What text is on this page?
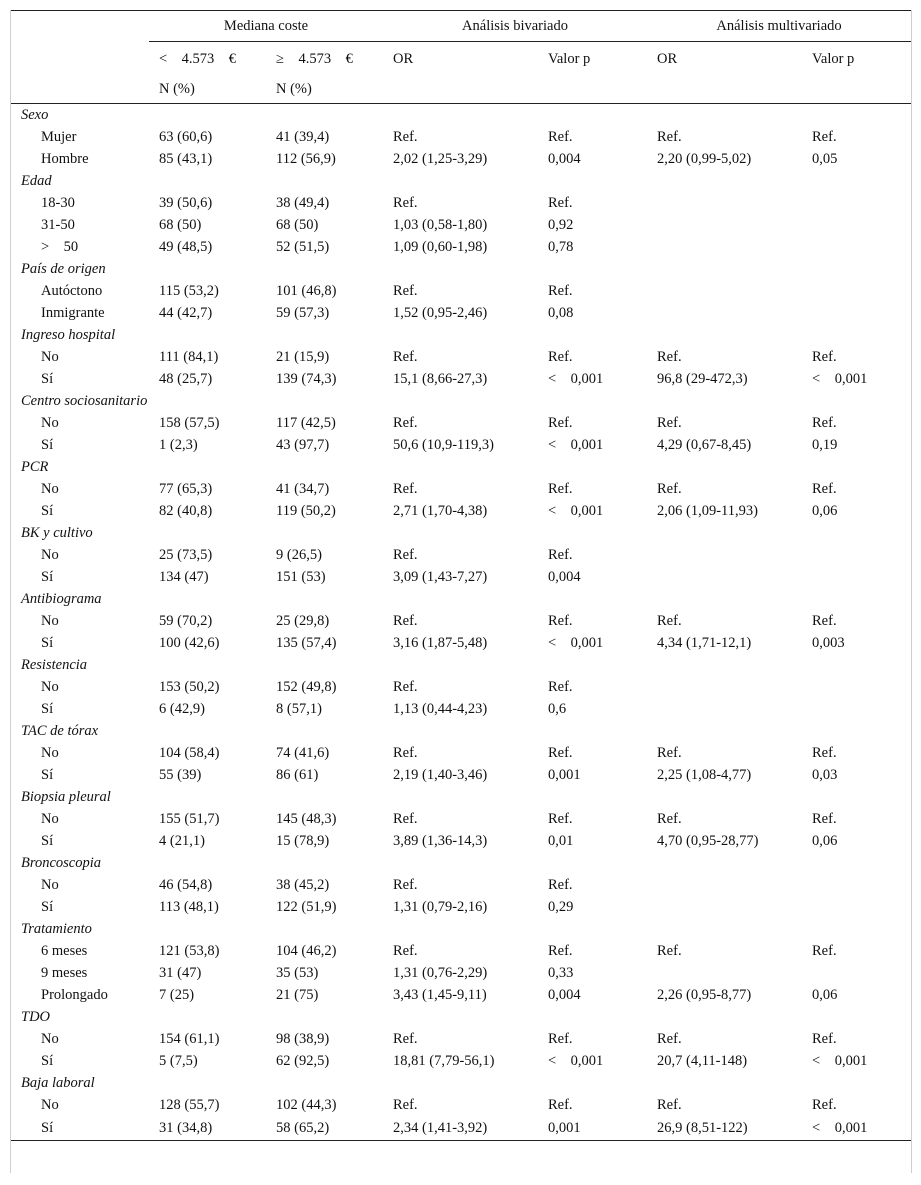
	Mediana coste		Análisis bivariado		Análisis multivariado	
	<    4.573    €	≥    4.573    €	OR	Valor p	OR	Valor p
	N (%)	N (%)				
Sexo						
Mujer	63 (60,6)	41 (39,4)	Ref.	Ref.	Ref.	Ref.
Hombre	85 (43,1)	112 (56,9)	2,02 (1,25-3,29)	0,004	2,20 (0,99-5,02)	0,05
Edad						
18-30	39 (50,6)	38 (49,4)	Ref.	Ref.		
31-50	68 (50)	68 (50)	1,03 (0,58-1,80)	0,92		
>    50	49 (48,5)	52 (51,5)	1,09 (0,60-1,98)	0,78		
País de origen						
Autóctono	115 (53,2)	101 (46,8)	Ref.	Ref.		
Inmigrante	44 (42,7)	59 (57,3)	1,52 (0,95-2,46)	0,08		
Ingreso hospital						
No	111 (84,1)	21 (15,9)	Ref.	Ref.	Ref.	Ref.
Sí	48 (25,7)	139 (74,3)	15,1 (8,66-27,3)	<    0,001	96,8 (29-472,3)	<    0,001
Centro sociosanitario						
No	158 (57,5)	117 (42,5)	Ref.	Ref.	Ref.	Ref.
Sí	1 (2,3)	43 (97,7)	50,6 (10,9-119,3)	<    0,001	4,29 (0,67-8,45)	0,19
PCR						
No	77 (65,3)	41 (34,7)	Ref.	Ref.	Ref.	Ref.
Sí	82 (40,8)	119 (50,2)	2,71 (1,70-4,38)	<    0,001	2,06 (1,09-11,93)	0,06
BK y cultivo						
No	25 (73,5)	9 (26,5)	Ref.	Ref.		
Sí	134 (47)	151 (53)	3,09 (1,43-7,27)	0,004		
Antibiograma						
No	59 (70,2)	25 (29,8)	Ref.	Ref.	Ref.	Ref.
Sí	100 (42,6)	135 (57,4)	3,16 (1,87-5,48)	<    0,001	4,34 (1,71-12,1)	0,003
Resistencia						
No	153 (50,2)	152 (49,8)	Ref.	Ref.		
Sí	6 (42,9)	8 (57,1)	1,13 (0,44-4,23)	0,6		
TAC de tórax						
No	104 (58,4)	74 (41,6)	Ref.	Ref.	Ref.	Ref.
Sí	55 (39)	86 (61)	2,19 (1,40-3,46)	0,001	2,25 (1,08-4,77)	0,03
Biopsia pleural						
No	155 (51,7)	145 (48,3)	Ref.	Ref.	Ref.	Ref.
Sí	4 (21,1)	15 (78,9)	3,89 (1,36-14,3)	0,01	4,70 (0,95-28,77)	0,06
Broncoscopia						
No	46 (54,8)	38 (45,2)	Ref.	Ref.		
Sí	113 (48,1)	122 (51,9)	1,31 (0,79-2,16)	0,29		
Tratamiento						
6 meses	121 (53,8)	104 (46,2)	Ref.	Ref.	Ref.	Ref.
9 meses	31 (47)	35 (53)	1,31 (0,76-2,29)	0,33		
Prolongado	7 (25)	21 (75)	3,43 (1,45-9,11)	0,004	2,26 (0,95-8,77)	0,06
TDO						
No	154 (61,1)	98 (38,9)	Ref.	Ref.	Ref.	Ref.
Sí	5 (7,5)	62 (92,5)	18,81 (7,79-56,1)	<    0,001	20,7 (4,11-148)	<    0,001
Baja laboral						
No	128 (55,7)	102 (44,3)	Ref.	Ref.	Ref.	Ref.
Sí	31 (34,8)	58 (65,2)	2,34 (1,41-3,92)	0,001	26,9 (8,51-122)	<    0,001
